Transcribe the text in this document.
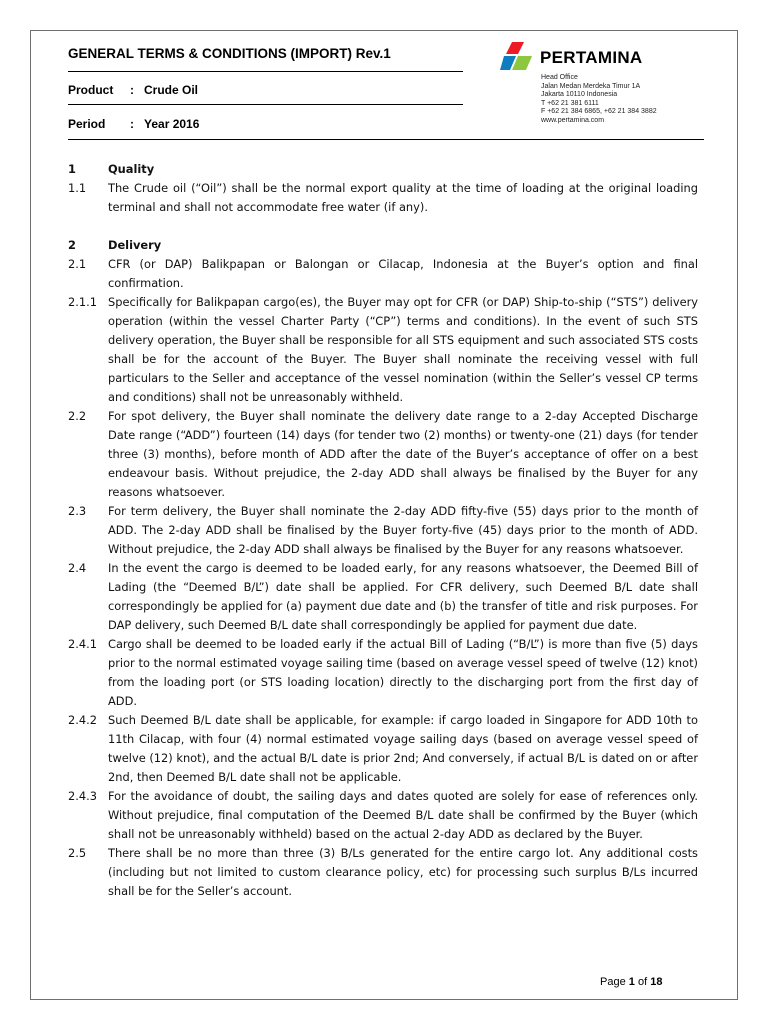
GENERAL TERMS & CONDITIONS (IMPORT) Rev.1
Product : Crude Oil
Period : Year 2016
PERTAMINA
Head Office
Jalan Medan Merdeka Timur 1A
Jakarta 10110 Indonesia
T +62 21 381 6111
F +62 21 384 6865, +62 21 384 3882
www.pertamina.com
1	Quality
1.1	The Crude oil (“Oil”) shall be the normal export quality at the time of loading at the original loading terminal and shall not accommodate free water (if any).
2	Delivery
2.1	CFR (or DAP) Balikpapan or Balongan or Cilacap, Indonesia at the Buyer’s option and final confirmation.
2.1.1 Specifically for Balikpapan cargo(es), the Buyer may opt for CFR (or DAP) Ship-to-ship (“STS”) delivery operation (within the vessel Charter Party (“CP”) terms and conditions). In the event of such STS delivery operation, the Buyer shall be responsible for all STS equipment and such associated STS costs shall be for the account of the Buyer. The Buyer shall nominate the receiving vessel with full particulars to the Seller and acceptance of the vessel nomination (within the Seller’s vessel CP terms and conditions) shall not be unreasonably withheld.
2.2	For spot delivery, the Buyer shall nominate the delivery date range to a 2-day Accepted Discharge Date range (“ADD”) fourteen (14) days (for tender two (2) months) or twenty-one (21) days (for tender three (3) months), before month of ADD after the date of the Buyer’s acceptance of offer on a best endeavour basis. Without prejudice, the 2-day ADD shall always be finalised by the Buyer for any reasons whatsoever.
2.3	For term delivery, the Buyer shall nominate the 2-day ADD fifty-five (55) days prior to the month of ADD. The 2-day ADD shall be finalised by the Buyer forty-five (45) days prior to the month of ADD. Without prejudice, the 2-day ADD shall always be finalised by the Buyer for any reasons whatsoever.
2.4	In the event the cargo is deemed to be loaded early, for any reasons whatsoever, the Deemed Bill of Lading (the “Deemed B/L”) date shall be applied. For CFR delivery, such Deemed B/L date shall correspondingly be applied for (a) payment due date and (b) the transfer of title and risk purposes. For DAP delivery, such Deemed B/L date shall correspondingly be applied for payment due date.
2.4.1 Cargo shall be deemed to be loaded early if the actual Bill of Lading (“B/L”) is more than five (5) days prior to the normal estimated voyage sailing time (based on average vessel speed of twelve (12) knot) from the loading port (or STS loading location) directly to the discharging port from the first day of ADD.
2.4.2 Such Deemed B/L date shall be applicable, for example: if cargo loaded in Singapore for ADD 10th to 11th Cilacap, with four (4) normal estimated voyage sailing days (based on average vessel speed of twelve (12) knot), and the actual B/L date is prior 2nd; And conversely, if actual B/L is dated on or after 2nd, then Deemed B/L date shall not be applicable.
2.4.3 For the avoidance of doubt, the sailing days and dates quoted are solely for ease of references only. Without prejudice, final computation of the Deemed B/L date shall be confirmed by the Buyer (which shall not be unreasonably withheld) based on the actual 2-day ADD as declared by the Buyer.
2.5	There shall be no more than three (3) B/Ls generated for the entire cargo lot. Any additional costs (including but not limited to custom clearance policy, etc) for processing such surplus B/Ls incurred shall be for the Seller’s account.
Page 1 of 18
